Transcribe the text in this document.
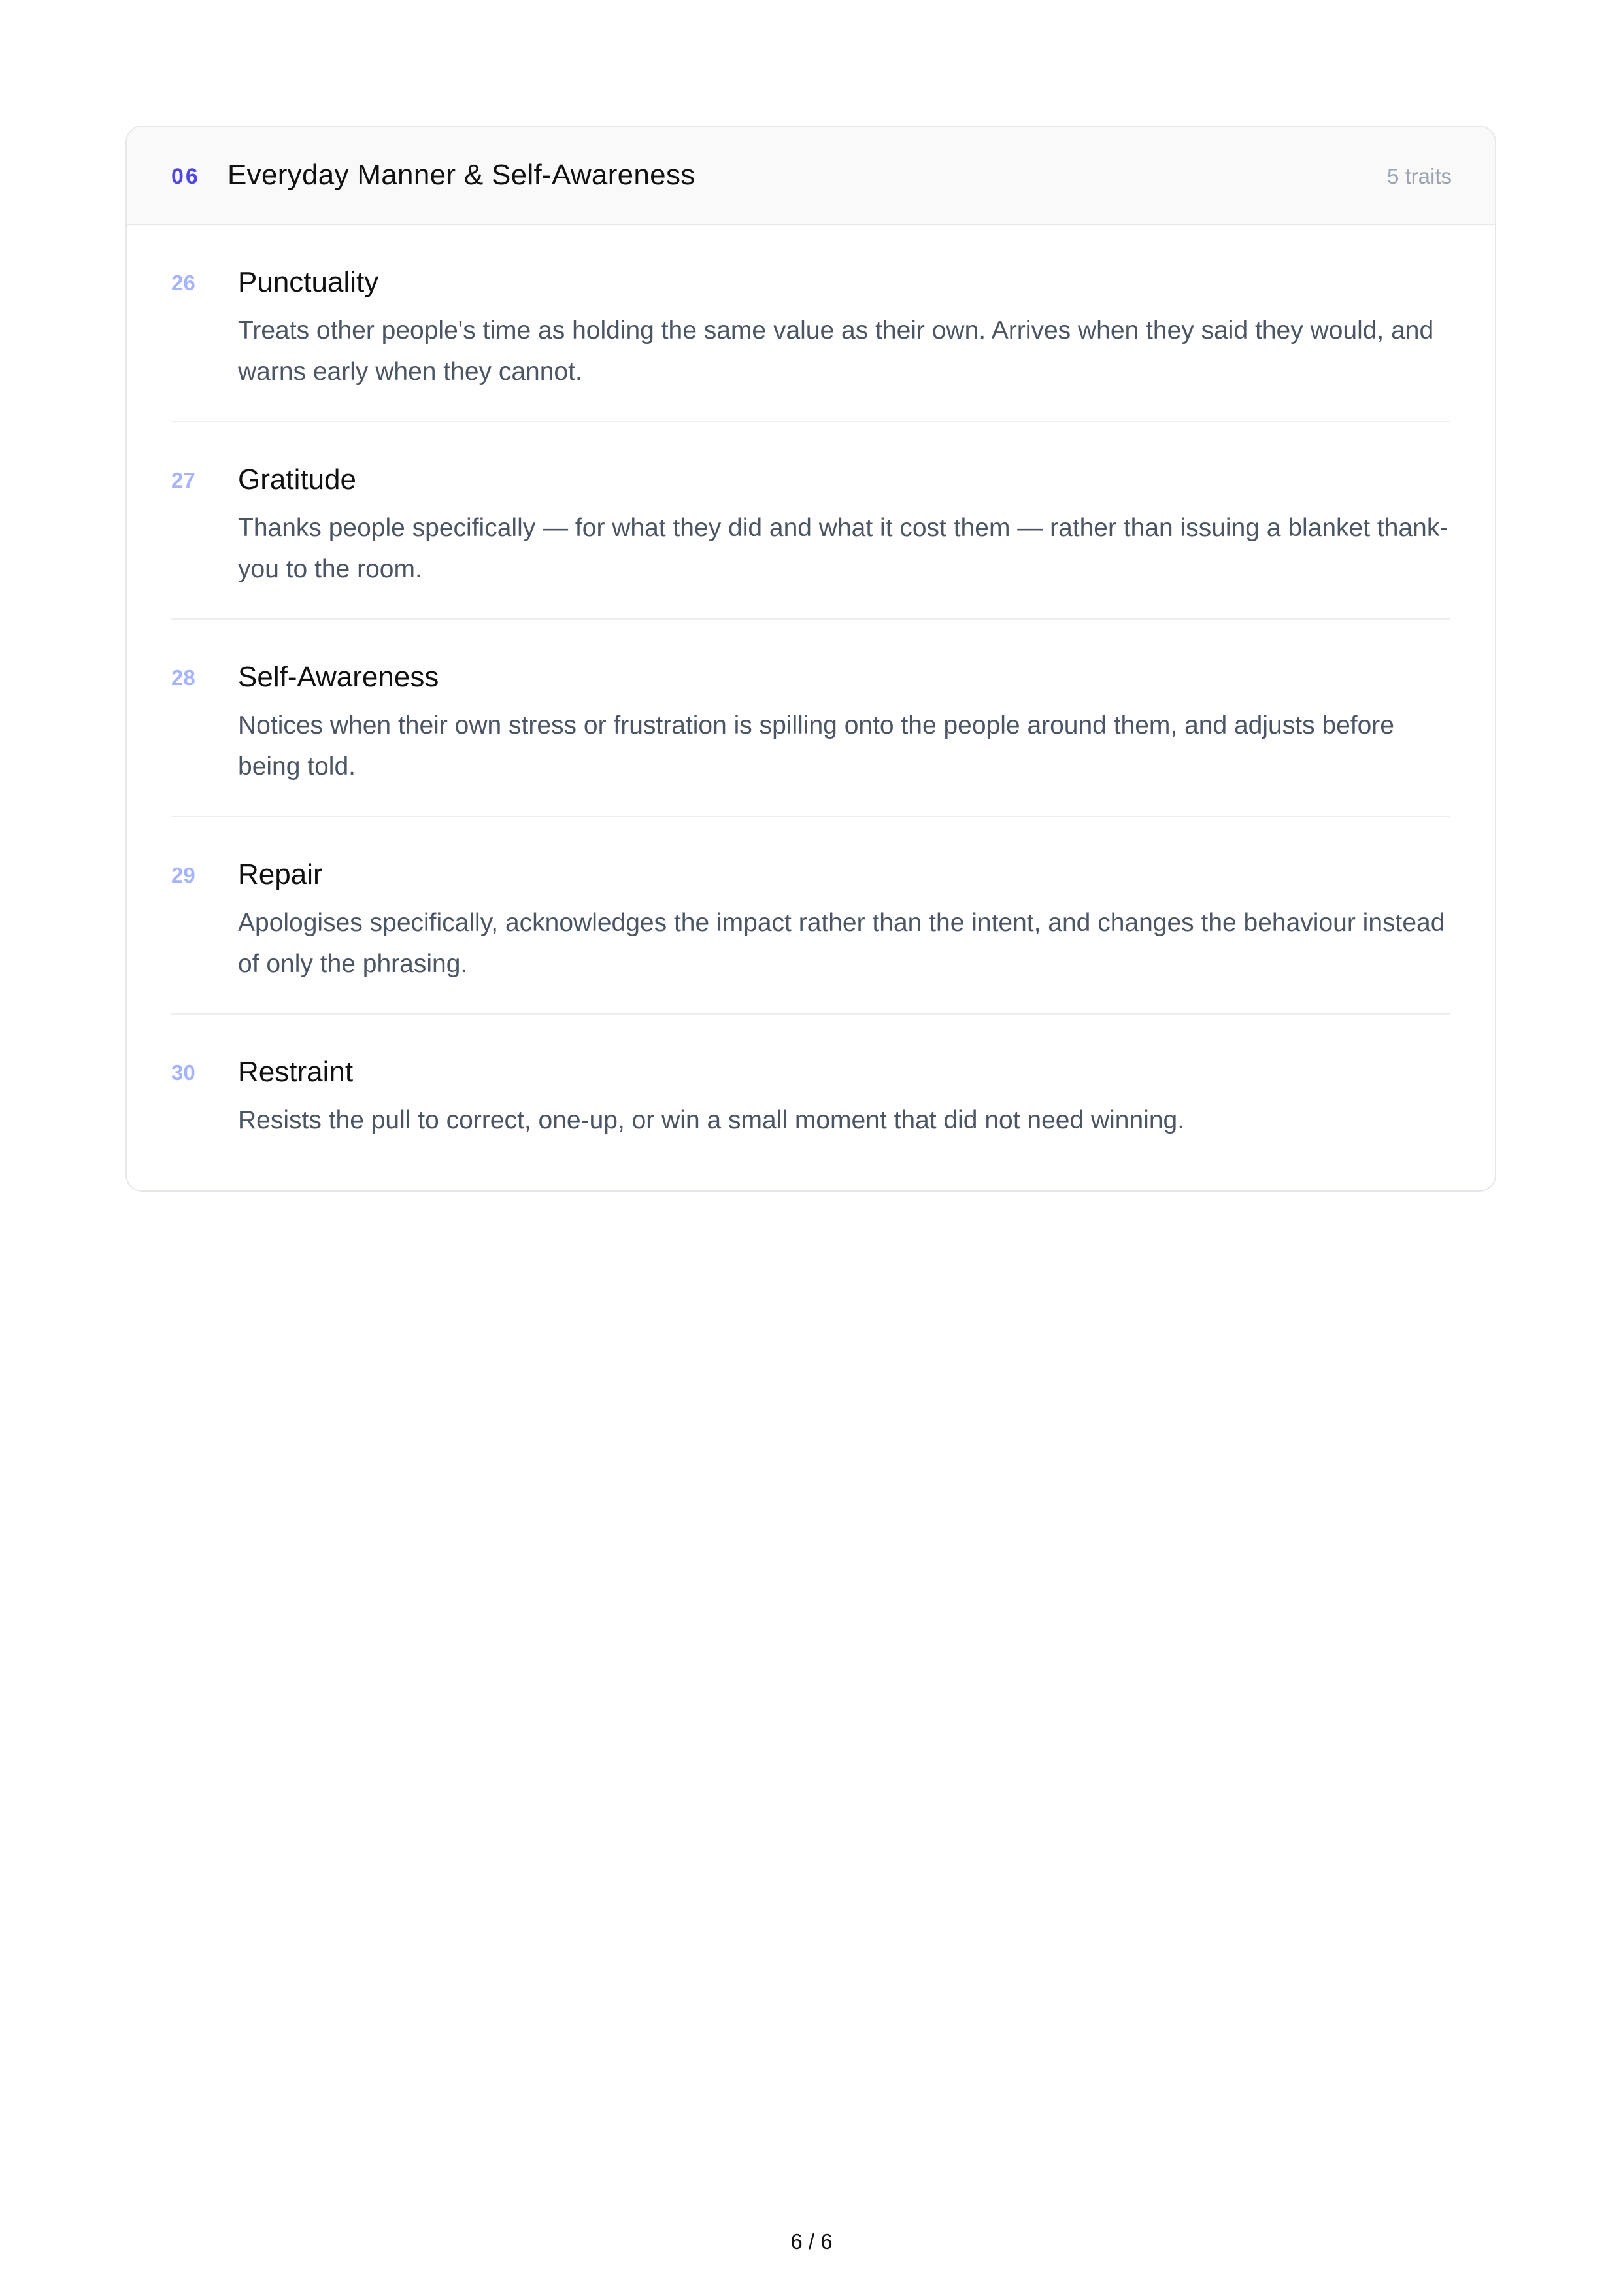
06 Everyday Manner & Self-Awareness	5 traits
26	Punctuality

Treats other people's time as holding the same value as their own. Arrives when they said they would, and warns early when they cannot.

27	Gratitude

Thanks people specifically — for what they did and what it cost them — rather than issuing a blanket thank-you to the room.

28	Self-Awareness

Notices when their own stress or frustration is spilling onto the people around them, and adjusts before being told.

29	Repair

Apologises specifically, acknowledges the impact rather than the intent, and changes the behaviour instead of only the phrasing.

30	Restraint

Resists the pull to correct, one-up, or win a small moment that did not need winning.

6 / 6
